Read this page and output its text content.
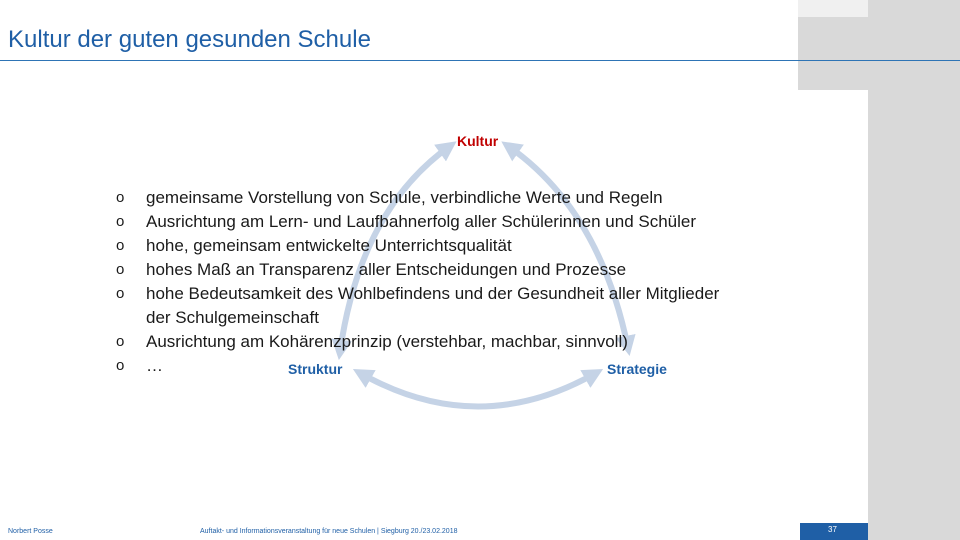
Kultur der guten gesunden Schule
Kultur
Struktur	Strategie
o gemeinsame Vorstellung von Schule, verbindliche Werte und Regeln
o Ausrichtung am Lern- und Laufbahnerfolg aller Schülerinnen und Schüler
o hohe, gemeinsam entwickelte Unterrichtsqualität
o hohes Maß an Transparenz aller Entscheidungen und Prozesse
o hohe Bedeutsamkeit des Wohlbefindens und der Gesundheit aller Mitglieder
der Schulgemeinschaft
o Ausrichtung am Kohärenzprinzip (verstehbar, machbar, sinnvoll)
o …
Norbert Posse	Auftakt- und Informationsveranstaltung für neue Schulen | Siegburg 20./23.02.2018	37
